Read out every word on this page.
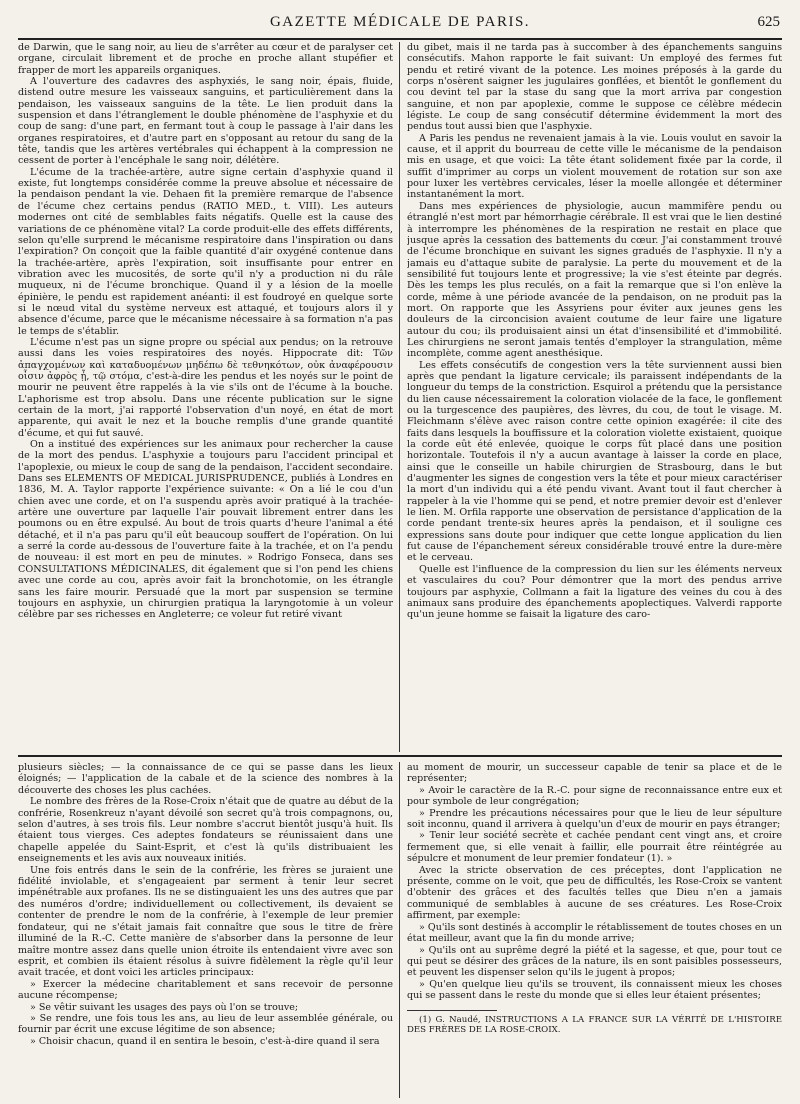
GAZETTE MÉDICALE DE PARIS.	625

de Darwin, que le sang noir, au lieu de s'arrêter au cœur et de paralyser cet organe, circulait librement et de proche en proche allant stupéfier et frapper de mort les appareils organiques.

A l'ouverture des cadavres des asphyxiés, le sang noir, épais, fluide, distend outre mesure les vaisseaux sanguins, et particulièrement dans la pendaison, les vaisseaux sanguins de la tête. Le lien produit dans la suspension et dans l'étranglement le double phénomène de l'asphyxie et du coup de sang: d'une part, en fermant tout à coup le passage à l'air dans les organes respiratoires, et d'autre part en s'opposant au retour du sang de la tête, tandis que les artères vertébrales qui échappent à la compression ne cessent de porter à l'encéphale le sang noir, délétère.

L'écume de la trachée-artère, autre signe certain d'asphyxie quand il existe, fut longtemps considérée comme la preuve absolue et nécessaire de la pendaison pendant la vie. Dehaen fit la première remarque de l'absence de l'écume chez certains pendus (RATIO MED., t. VIII). Les auteurs modernes ont cité de semblables faits négatifs. Quelle est la cause des variations de ce phénomène vital? La corde produit-elle des effets différents, selon qu'elle surprend le mécanisme respiratoire dans l'inspiration ou dans l'expiration? On conçoit que la faible quantité d'air oxygéné contenue dans la trachée-artère, après l'expiration, soit insuffisante pour entrer en vibration avec les mucosités, de sorte qu'il n'y a production ni du râle muqueux, ni de l'écume bronchique. Quand il y a lésion de la moelle épinière, le pendu est rapidement anéanti: il est foudroyé en quelque sorte si le nœud vital du système nerveux est attaqué, et toujours alors il y absence d'écume, parce que le mécanisme nécessaire à sa formation n'a pas le temps de s'établir.

L'écume n'est pas un signe propre ou spécial aux pendus; on la retrouve aussi dans les voies respiratoires des noyés. Hippocrate dit: Τῶν ἀπαγχομένων καὶ καταδυομένων μηδέπω δὲ τεθνηκότων, οὐκ ἀναφέρουσιν οἷσιν ἀφρὸς ᾖ, τῷ στόμα, c'est-à-dire les pendus et les noyés sur le point de mourir ne peuvent être rappelés à la vie s'ils ont de l'écume à la bouche. L'aphorisme est trop absolu. Dans une récente publication sur le signe certain de la mort, j'ai rapporté l'observation d'un noyé, en état de mort apparente, qui avait le nez et la bouche remplis d'une grande quantité d'écume, et qui fut sauvé.

On a institué des expériences sur les animaux pour rechercher la cause de la mort des pendus. L'asphyxie a toujours paru l'accident principal et l'apoplexie, ou mieux le coup de sang de la pendaison, l'accident secondaire. Dans ses ELEMENTS OF MEDICAL JURISPRUDENCE, publiés à Londres en 1836, M. A. Taylor rapporte l'expérience suivante: « On a lié le cou d'un chien avec une corde, et on l'a suspendu après avoir pratiqué à la trachée-artère une ouverture par laquelle l'air pouvait librement entrer dans les poumons ou en être expulsé. Au bout de trois quarts d'heure l'animal a été détaché, et il n'a pas paru qu'il eût beaucoup souffert de l'opération. On lui a serré la corde au-dessous de l'ouverture faite à la trachée, et on l'a pendu de nouveau: il est mort en peu de minutes. » Rodrigo Fonseca, dans ses CONSULTATIONS MÉDICINALES, dit également que si l'on pend les chiens avec une corde au cou, après avoir fait la bronchotomie, on les étrangle sans les faire mourir. Persuadé que la mort par suspension se termine toujours en asphyxie, un chirurgien pratiqua la laryngotomie à un voleur célèbre par ses richesses en Angleterre; ce voleur fut retiré vivant

du gibet, mais il ne tarda pas à succomber à des épanchements sanguins consécutifs. Mahon rapporte le fait suivant: Un employé des fermes fut pendu et retiré vivant de la potence. Les moines préposés à la garde du corps n'osèrent saigner les jugulaires gonflées, et bientôt le gonflement du cou devint tel par la stase du sang que la mort arriva par congestion sanguine, et non par apoplexie, comme le suppose ce célèbre médecin légiste. Le coup de sang consécutif détermine évidemment la mort des pendus tout aussi bien que l'asphyxie.

A Paris les pendus ne revenaient jamais à la vie. Louis voulut en savoir la cause, et il apprit du bourreau de cette ville le mécanisme de la pendaison mis en usage, et que voici: La tête étant solidement fixée par la corde, il suffit d'imprimer au corps un violent mouvement de rotation sur son axe pour luxer les vertèbres cervicales, léser la moelle allongée et déterminer instantanément la mort.

Dans mes expériences de physiologie, aucun mammifère pendu ou étranglé n'est mort par hémorrhagie cérébrale. Il est vrai que le lien destiné à interrompre les phénomènes de la respiration ne restait en place que jusque après la cessation des battements du cœur. J'ai constamment trouvé de l'écume bronchique en suivant les signes gradués de l'asphyxie. Il n'y a jamais eu d'attaque subite de paralysie. La perte du mouvement et de la sensibilité fut toujours lente et progressive; la vie s'est éteinte par degrés. Dès les temps les plus reculés, on a fait la remarque que si l'on enlève la corde, même à une période avancée de la pendaison, on ne produit pas la mort. On rapporte que les Assyriens pour éviter aux jeunes gens les douleurs de la circoncision avaient coutume de leur faire une ligature autour du cou; ils produisaient ainsi un état d'insensibilité et d'immobilité. Les chirurgiens ne seront jamais tentés d'employer la strangulation, même incomplète, comme agent anesthésique.

Les effets consécutifs de congestion vers la tête surviennent aussi bien après que pendant la ligature cervicale; ils paraissent indépendants de la longueur du temps de la constriction. Esquirol a prétendu que la persistance du lien cause nécessairement la coloration violacée de la face, le gonflement ou la turgescence des paupières, des lèvres, du cou, de tout le visage. M. Fleichmann s'élève avec raison contre cette opinion exagérée: il cite des faits dans lesquels la bouffissure et la coloration violette existaient, quoique la corde eût été enlevée, quoique le corps fût placé dans une position horizontale. Toutefois il n'y a aucun avantage à laisser la corde en place, ainsi que le conseille un habile chirurgien de Strasbourg, dans le but d'augmenter les signes de congestion vers la tête et pour mieux caractériser la mort d'un individu qui a été pendu vivant. Avant tout il faut chercher à rappeler à la vie l'homme qui se pend, et notre premier devoir est d'enlever le lien. M. Orfila rapporte une observation de persistance d'application de la corde pendant trente-six heures après la pendaison, et il souligne ces expressions sans doute pour indiquer que cette longue application du lien fut cause de l'épanchement séreux considérable trouvé entre la dure-mère et le cerveau.

Quelle est l'influence de la compression du lien sur les éléments nerveux et vasculaires du cou? Pour démontrer que la mort des pendus arrive toujours par asphyxie, Collmann a fait la ligature des veines du cou à des animaux sans produire des épanchements apoplectiques. Valverdi rapporte qu'un jeune homme se faisait la ligature des caro-

plusieurs siècles; — la connaissance de ce qui se passe dans les lieux éloignés; — l'application de la cabale et de la science des nombres à la découverte des choses les plus cachées.

Le nombre des frères de la Rose-Croix n'était que de quatre au début de la confrérie, Rosenkreuz n'ayant dévoilé son secret qu'à trois compagnons, ou, selon d'autres, à ses trois fils. Leur nombre s'accrut bientôt jusqu'à huit. Ils étaient tous vierges. Ces adeptes fondateurs se réunissaient dans une chapelle appelée du Saint-Esprit, et c'est là qu'ils distribuaient les enseignements et les avis aux nouveaux initiés.

Une fois entrés dans le sein de la confrérie, les frères se juraient une fidélité inviolable, et s'engageaient par serment à tenir leur secret impénétrable aux profanes. Ils ne se distinguaient les uns des autres que par des numéros d'ordre; individuellement ou collectivement, ils devaient se contenter de prendre le nom de la confrérie, à l'exemple de leur premier fondateur, qui ne s'était jamais fait connaître que sous le titre de frère illuminé de la R.-C. Cette manière de s'absorber dans la personne de leur maître montre assez dans quelle union étroite ils entendaient vivre avec son esprit, et combien ils étaient résolus à suivre fidèlement la règle qu'il leur avait tracée, et dont voici les articles principaux:

» Exercer la médecine charitablement et sans recevoir de personne aucune récompense;

» Se vêtir suivant les usages des pays où l'on se trouve;

» Se rendre, une fois tous les ans, au lieu de leur assemblée générale, ou fournir par écrit une excuse légitime de son absence;

» Choisir chacun, quand il en sentira le besoin, c'est-à-dire quand il sera

au moment de mourir, un successeur capable de tenir sa place et de le représenter;

» Avoir le caractère de la R.-C. pour signe de reconnaissance entre eux et pour symbole de leur congrégation;

» Prendre les précautions nécessaires pour que le lieu de leur sépulture soit inconnu, quand il arrivera à quelqu'un d'eux de mourir en pays étranger;

» Tenir leur société secrète et cachée pendant cent vingt ans, et croire fermement que, si elle venait à faillir, elle pourrait être réintégrée au sépulcre et monument de leur premier fondateur (1). »

Avec la stricte observation de ces préceptes, dont l'application ne présente, comme on le voit, que peu de difficultés, les Rose-Croix se vantent d'obtenir des grâces et des facultés telles que Dieu n'en a jamais communiqué de semblables à aucune de ses créatures. Les Rose-Croix affirment, par exemple:

» Qu'ils sont destinés à accomplir le rétablissement de toutes choses en un état meilleur, avant que la fin du monde arrive;

» Qu'ils ont au suprême degré la piété et la sagesse, et que, pour tout ce qui peut se désirer des grâces de la nature, ils en sont paisibles possesseurs, et peuvent les dispenser selon qu'ils le jugent à propos;

» Qu'en quelque lieu qu'ils se trouvent, ils connaissent mieux les choses qui se passent dans le reste du monde que si elles leur étaient présentes;

(1) G. Naudé, INSTRUCTIONS A LA FRANCE SUR LA VÉRITÉ DE L'HISTOIRE DES FRÈRES DE LA ROSE-CROIX.
